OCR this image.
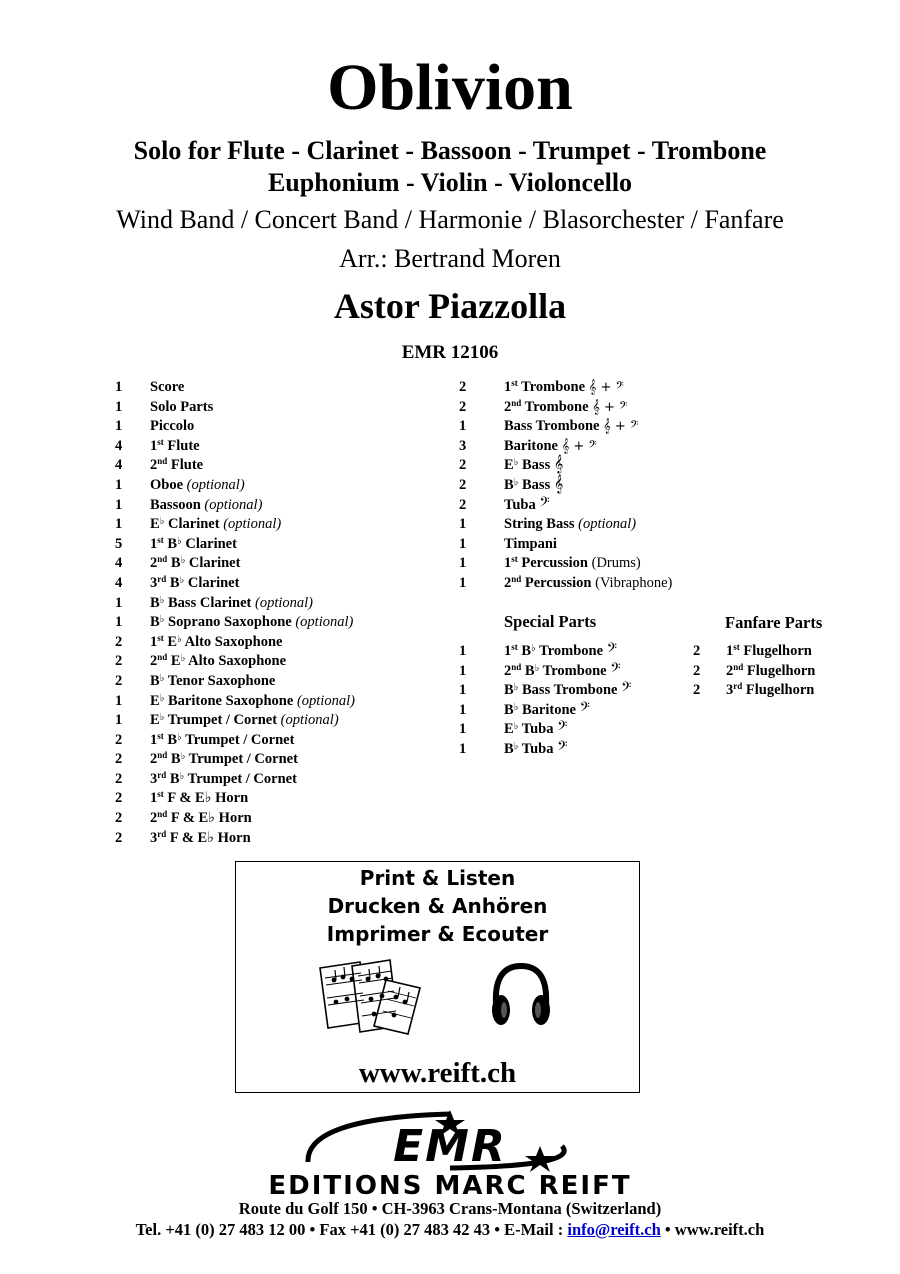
Oblivion
Solo for Flute - Clarinet - Bassoon - Trumpet - Trombone
Euphonium - Violin - Violoncello
Wind Band / Concert Band / Harmonie / Blasorchester / Fanfare
Arr.: Bertrand Moren
Astor Piazzolla
EMR 12106
1 Score
1 Solo Parts
1 Piccolo
4 1st Flute
4 2nd Flute
1 Oboe (optional)
1 Bassoon (optional)
1 E♭ Clarinet (optional)
5 1st B♭ Clarinet
4 2nd B♭ Clarinet
4 3rd B♭ Clarinet
1 B♭ Bass Clarinet (optional)
1 B♭ Soprano Saxophone (optional)
2 1st E♭ Alto Saxophone
2 2nd E♭ Alto Saxophone
2 B♭ Tenor Saxophone
1 E♭ Baritone Saxophone (optional)
1 E♭ Trumpet / Cornet (optional)
2 1st B♭ Trumpet / Cornet
2 2nd B♭ Trumpet / Cornet
2 3rd B♭ Trumpet / Cornet
2 1st F & E♭ Horn
2 2nd F & E♭ Horn
2 3rd F & E♭ Horn
2	1st Trombone 𝄞 + 𝄢
2	2nd Trombone 𝄞 + 𝄢
1	Bass Trombone 𝄞 + 𝄢
3	Baritone 𝄞 + 𝄢
2	E♭ Bass 𝄞
2	B♭ Bass 𝄞
2	Tuba 𝄢
1	String Bass (optional)
1	Timpani
1	1st Percussion (Drums)
1	2nd Percussion (Vibraphone)
Special Parts
1	1st B♭ Trombone 𝄢
1	2nd B♭ Trombone 𝄢
1	B♭ Bass Trombone 𝄢
1	B♭ Baritone 𝄢
1	E♭ Tuba 𝄢
1	B♭ Tuba 𝄢
Fanfare Parts
2 1st Flugelhorn
2 2nd Flugelhorn
2 3rd Flugelhorn
Print & Listen
Drucken & Anhören
Imprimer & Ecouter
www.reift.ch
EMR
EDITIONS MARC REIFT
Route du Golf 150 • CH-3963 Crans-Montana (Switzerland)
Tel. +41 (0) 27 483 12 00 • Fax +41 (0) 27 483 42 43 • E-Mail : info@reift.ch • www.reift.ch
